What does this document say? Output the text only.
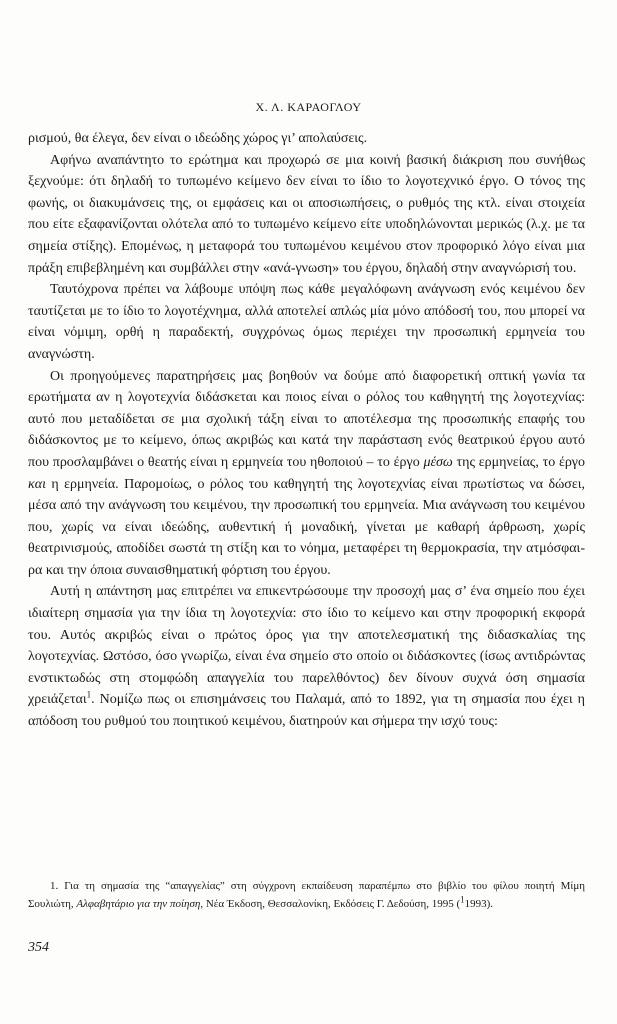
Χ. Λ. ΚΑΡΑΟΓΛΟΥ

ρισμού, θα έλεγα, δεν είναι ο ιδεώδης χώρος γι’ απολαύσεις.

Αφήνω αναπάντητο το ερώτημα και προχωρώ σε μια κοινή βασική διάκριση που συνήθως ξεχνούμε: ότι δηλαδή το τυπωμένο κείμενο δεν είναι το ίδιο το λογοτεχνικό έργο. Ο τόνος της φωνής, οι διακυμάνσεις της, οι εμφάσεις και οι αποσιωπήσεις, ο ρυθμός της κτλ. είναι στοιχεία που είτε εξαφανίζονται ολότελα από το τυπωμένο κείμενο είτε υποδηλώνονται μερικώς (λ.χ. με τα σημεία στίξης). Επομένως, η μεταφορά του τυπωμένου κειμένου στον προφορικό λόγο είναι μια πράξη επιβεβλημένη και συμβάλλει στην «ανά-γνωση» του έργου, δηλαδή στην αναγνώρισή του.

Ταυτόχρονα πρέπει να λάβουμε υπόψη πως κάθε μεγαλόφωνη ανάγνωση ενός κειμένου δεν ταυτίζεται με το ίδιο το λογοτέχνημα, αλλά αποτελεί απλώς μία μόνο απόδοσή του, που μπορεί να είναι νόμιμη, ορθή η παραδεκτή, συγχρόνως όμως περιέχει την προσωπική ερμηνεία του αναγνώστη.

Οι προηγούμενες παρατηρήσεις μας βοηθούν να δούμε από διαφορετική οπτική γωνία τα ερωτήματα αν η λογοτεχνία διδάσκεται και ποιος είναι ο ρόλος του καθηγητή της λογοτεχνίας: αυτό που μεταδίδεται σε μια σχολική τάξη είναι το αποτέλεσμα της προσωπικής επαφής του διδάσκοντος με το κείμενο, όπως ακριβώς και κατά την παράσταση ενός θεατρικού έργου αυτό που προσλαμβάνει ο θεατής είναι η ερμηνεία του ηθοποιού – το έργο μέσω της ερμηνείας, το έργο και η ερμηνεία. Παρομοίως, ο ρόλος του καθηγητή της λογοτεχνίας είναι πρωτίστως να δώσει, μέσα από την ανάγνωση του κειμένου, την προσωπική του ερμηνεία. Μια ανάγνωση του κειμένου που, χωρίς να είναι ιδεώδης, αυθεντική ή μοναδική, γίνεται με καθαρή άρθρωση, χωρίς θεατρινισμούς, αποδίδει σωστά τη στίξη και το νόημα, μεταφέρει τη θερμοκρασία, την ατμόσφαιρα και την όποια συναισθηματική φόρτιση του έργου.

Αυτή η απάντηση μας επιτρέπει να επικεντρώσουμε την προσοχή μας σ’ ένα σημείο που έχει ιδιαίτερη σημασία για την ίδια τη λογοτεχνία: στο ίδιο το κείμενο και στην προφορική εκφορά του. Αυτός ακριβώς είναι ο πρώτος όρος για την αποτελεσματική της διδασκαλίας της λογοτεχνίας. Ωστόσο, όσο γνωρίζω, είναι ένα σημείο στο οποίο οι διδάσκοντες (ίσως αντιδρώντας ενστικτωδώς στη στομφώδη απαγγελία του παρελθόντος) δεν δίνουν συχνά όση σημασία χρειάζεται$^1$. Νομίζω πως οι επισημάνσεις του Παλαμά, από το 1892, για τη σημασία που έχει η απόδοση του ρυθμού του ποιητικού κειμένου, διατηρούν και σήμερα την ισχύ τους:

1. Για τη σημασία της “απαγγελίας” στη σύγχρονη εκπαίδευση παραπέμπω στο βιβλίο του φίλου ποιητή Μίμη Σουλιώτη, Αλφαβητάριο για την ποίηση, Νέα Έκδοση, Θεσσαλονίκη, Εκδόσεις Γ. Δεδούση, 1995 ($^1$1993).

354
